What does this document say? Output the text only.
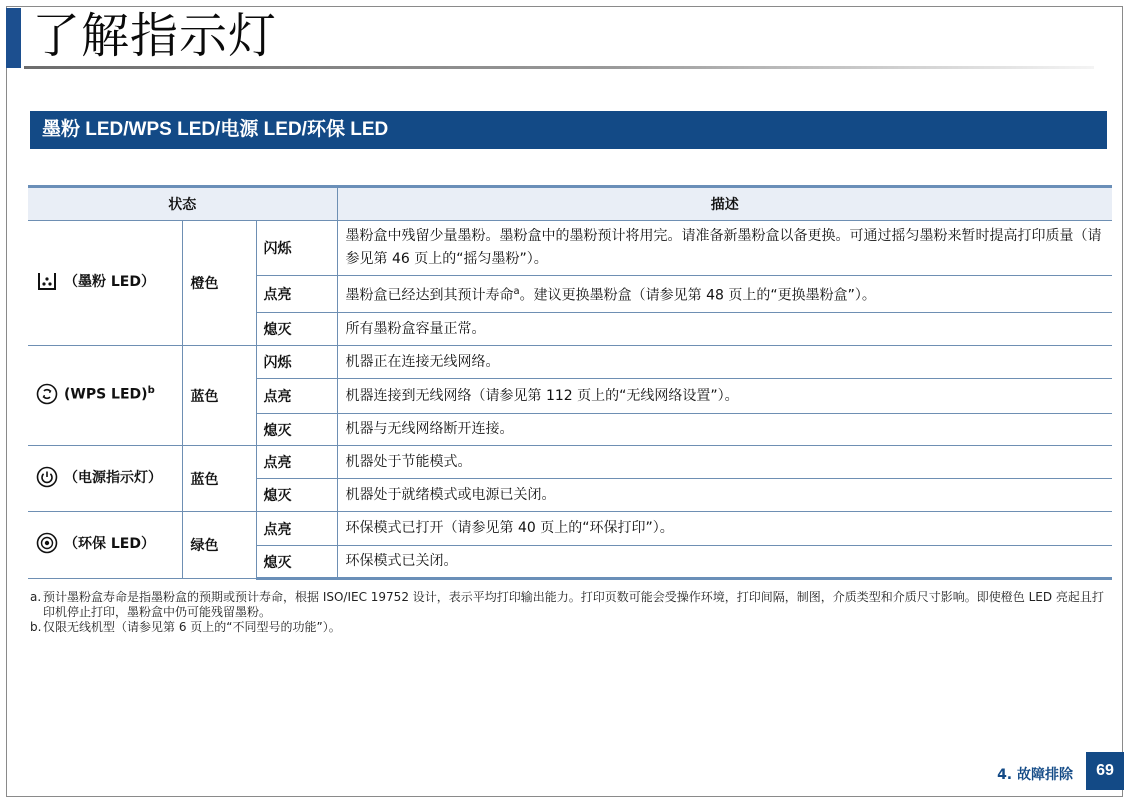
了解指示灯
墨粉 LED/WPS LED/电源 LED/环保 LED
状态			描述

（墨粉 LED）	橙色	闪烁	墨粉盒中残留少量墨粉。墨粉盒中的墨粉预计将用完。请准备新墨粉盒以备更换。可通过摇匀墨粉来暂时提高打印质量（请参见第 46 页上的“摇匀墨粉”）。
		点亮	墨粉盒已经达到其预计寿命$^a$。建议更换墨粉盒（请参见第 48 页上的“更换墨粉盒”）。
		熄灭	所有墨粉盒容量正常。

(WPS LED)$^b$	蓝色	闪烁	机器正在连接无线网络。
		点亮	机器连接到无线网络（请参见第 112 页上的“无线网络设置”）。
		熄灭	机器与无线网络断开连接。

（电源指示灯）	蓝色	点亮	机器处于节能模式。
		熄灭	机器处于就绪模式或电源已关闭。

（环保 LED）	绿色	点亮	环保模式已打开（请参见第 40 页上的“环保打印”）。
		熄灭	环保模式已关闭。
a. 预计墨粉盒寿命是指墨粉盒的预期或预计寿命，根据 ISO/IEC 19752 设计，表示平均打印输出能力。打印页数可能会受操作环境，打印间隔，制图，介质类型和介质尺寸影响。即使橙色 LED 亮起且打印机停止打印，墨粉盒中仍可能残留墨粉。
b. 仅限无线机型（请参见第 6 页上的“不同型号的功能”）。
4. 故障排除	69
